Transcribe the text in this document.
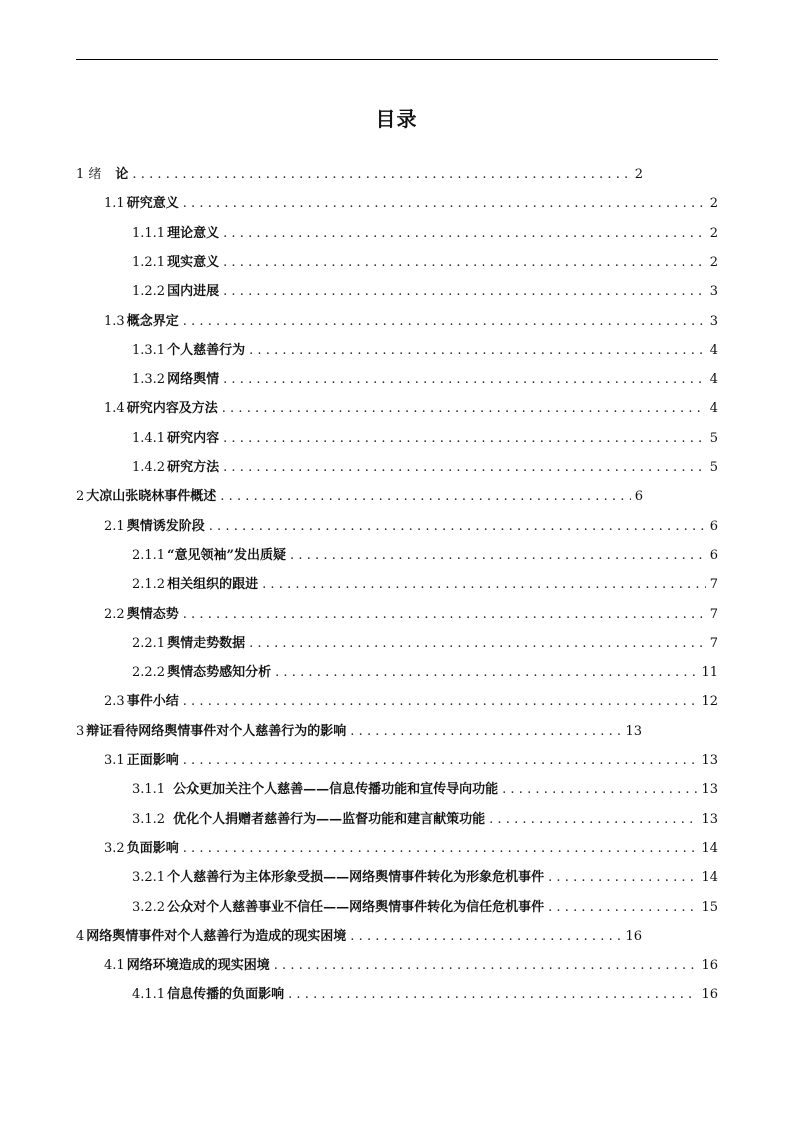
目录
1 绪 论 .....	2
1.1 研究意义 .....	2
1.1.1 理论意义 .....	2
1.2.1 现实意义 .....	2
1.2.2 国内进展 .....	3
1.3 概念界定 .....	3
1.3.1 个人慈善行为 .....	4
1.3.2 网络舆情 .....	4
1.4 研究内容及方法 .....	4
1.4.1 研究内容 .....	5
1.4.2 研究方法 .....	5
2 大凉山张晓林事件概述 .....	6
2.1 舆情诱发阶段 .....	6
2.1.1 “意见领袖”发出质疑 .....	6
2.1.2 相关组织的跟进 .....	7
2.2 舆情态势 .....	7
2.2.1 舆情走势数据 .....	7
2.2.2 舆情态势感知分析 .....	11
2.3 事件小结 .....	12
3 辩证看待网络舆情事件对个人慈善行为的影响 .....	13
3.1 正面影响 .....	13
3.1.1 公众更加关注个人慈善——信息传播功能和宣传导向功能 .....	13
3.1.2 优化个人捐赠者慈善行为——监督功能和建言献策功能 .....	13
3.2 负面影响 .....	14
3.2.1 个人慈善行为主体形象受损——网络舆情事件转化为形象危机事件 .....	14
3.2.2 公众对个人慈善事业不信任——网络舆情事件转化为信任危机事件 .....	15
4 网络舆情事件对个人慈善行为造成的现实困境 .....	16
4.1 网络环境造成的现实困境 .....	16
4.1.1 信息传播的负面影响 .....	16
